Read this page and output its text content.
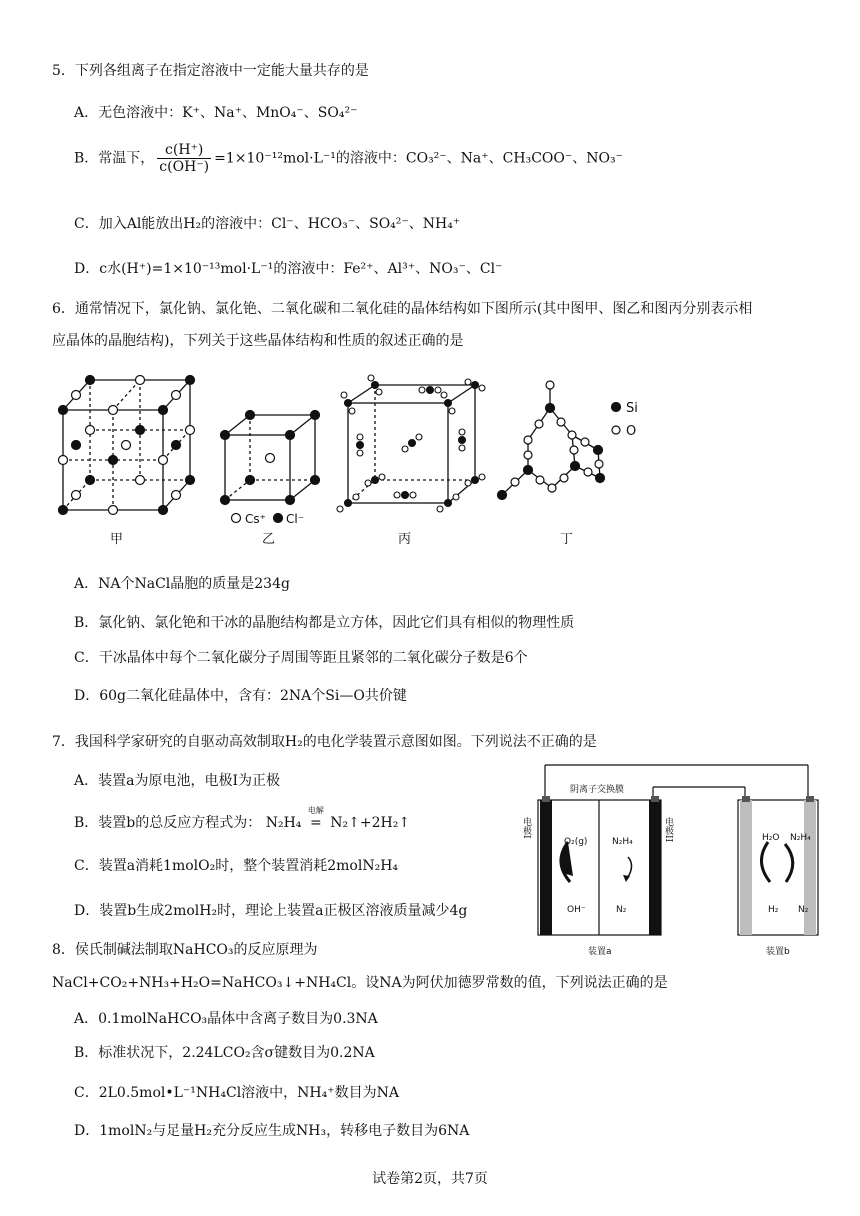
5．下列各组离子在指定溶液中一定能大量共存的是
A．无色溶液中：K⁺、Na⁺、MnO₄⁻、SO₄²⁻
B．常温下， $\frac{c(H^+)}{c(OH^-)} =1\times 10^{-12}mol\cdot L^{-1}$的溶液中：CO₃²⁻、Na⁺、CH₃COO⁻、NO₃⁻
C．加入Al能放出H₂的溶液中：Cl⁻、HCO₃⁻、SO₄²⁻、NH₄⁺
D．c水(H⁺)=1×10⁻¹³mol·L⁻¹的溶液中：Fe²⁺、Al³⁺、NO₃⁻、Cl⁻
6．通常情况下，氯化钠、氯化铯、二氧化碳和二氧化硅的晶体结构如下图所示(其中图甲、图乙和图丙分别表示相
应晶体的晶胞结构)，下列关于这些晶体结构和性质的叙述正确的是
Si
O
Cs⁺ Cl⁻
甲	乙	丙	丁
A．NA个NaCl晶胞的质量是234g
B．氯化钠、氯化铯和干冰的晶胞结构都是立方体，因此它们具有相似的物理性质
C．干冰晶体中每个二氧化碳分子周围等距且紧邻的二氧化碳分子数是6个
D．60g二氧化硅晶体中，含有：2NA个Si—O共价键
7．我国科学家研究的自驱动高效制取H₂的电化学装置示意图如图。下列说法不正确的是
A．装置a为原电池，电极I为正极
B．装置b的总反应方程式为： N₂H₄
电解
= N₂↑+2H₂↑
C．装置a消耗1molO₂时，整个装置消耗2molN₂H₄
D．装置b生成2molH₂时，理论上装置a正极区溶液质量减少4g
阴离子交换膜
O₂(g)
OH⁻
N₂H₄
N₂
H₂O
H₂
N₂H₄
N₂
装置a	装置b
电极I	电极II
8．侯氏制碱法制取NaHCO₃的反应原理为
NaCl+CO₂+NH₃+H₂O=NaHCO₃↓+NH₄Cl。设NA为阿伏加德罗常数的值，下列说法正确的是
A．0.1molNaHCO₃晶体中含离子数目为0.3NA
B．标准状况下，2.24LCO₂含σ键数目为0.2NA
C．2L0.5mol•L⁻¹NH₄Cl溶液中，NH₄⁺数目为NA
D．1molN₂与足量H₂充分反应生成NH₃，转移电子数目为6NA
试卷第2页，共7页
